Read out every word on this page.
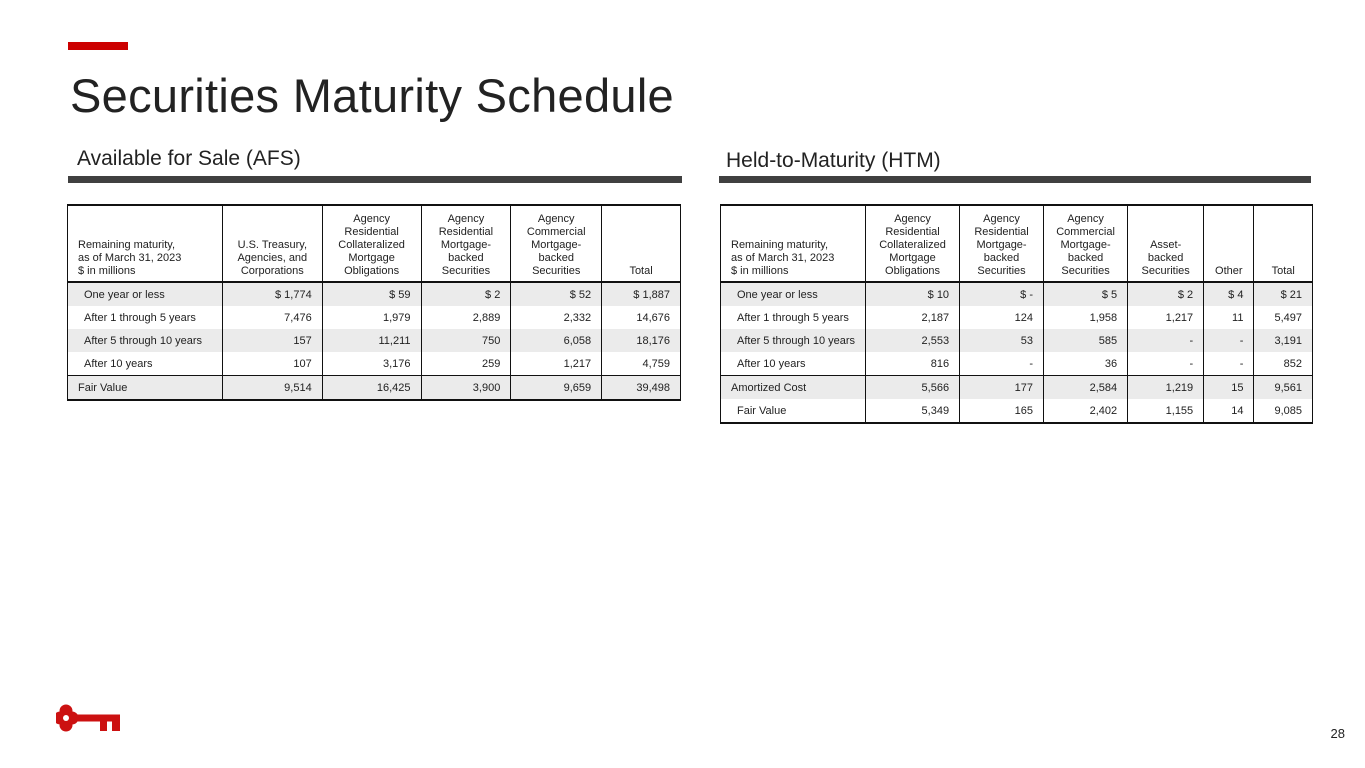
Securities Maturity Schedule
Available for Sale (AFS)	Held-to-Maturity (HTM)
Remaining maturity,
as of March 31, 2023
$ in millions	U.S. Treasury,
Agencies, and
Corporations	Agency
Residential
Collateralized
Mortgage
Obligations	Agency
Residential
Mortgage-
backed
Securities	Agency
Commercial
Mortgage-
backed
Securities	Total
One year or less	$ 1,774	$ 59	$ 2	$ 52	$ 1,887
After 1 through 5 years	7,476	1,979	2,889	2,332	14,676
After 5 through 10 years	157	11,211	750	6,058	18,176
After 10 years	107	3,176	259	1,217	4,759
Fair Value	9,514	16,425	3,900	9,659	39,498
Remaining maturity,
as of March 31, 2023
$ in millions	Agency
Residential
Collateralized
Mortgage
Obligations	Agency
Residential
Mortgage-
backed
Securities	Agency
Commercial
Mortgage-
backed
Securities	Asset-
backed
Securities	Other	Total
One year or less	$ 10	$ -	$ 5	$ 2	$ 4	$ 21
After 1 through 5 years	2,187	124	1,958	1,217	11	5,497
After 5 through 10 years	2,553	53	585	-	-	3,191
After 10 years	816	-	36	-	-	852
Amortized Cost	5,566	177	2,584	1,219	15	9,561
Fair Value	5,349	165	2,402	1,155	14	9,085
28
